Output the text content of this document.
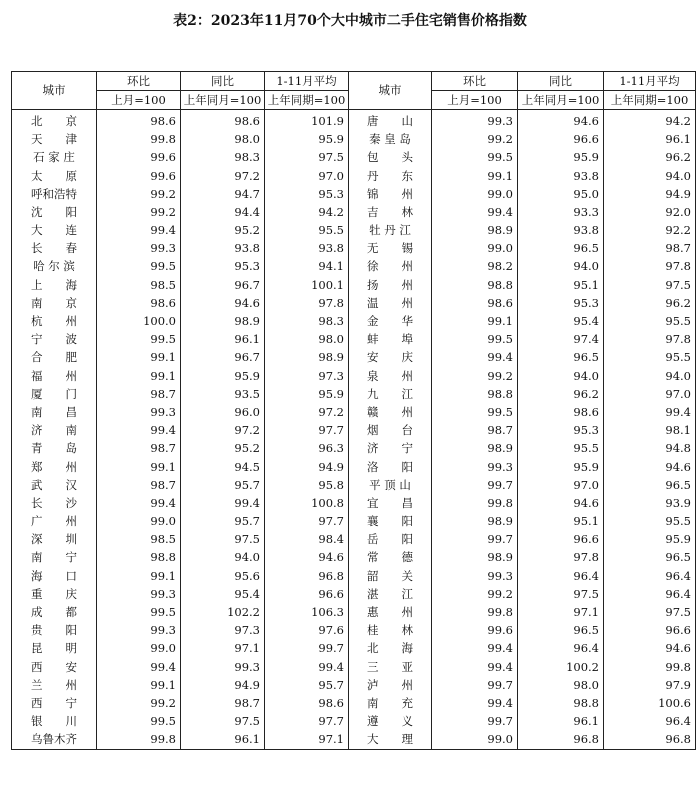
表2：2023年11月70个大中城市二手住宅销售价格指数
城市	环比	同比	1-11月平均	城市	环比	同比	1-11月平均
	上月=100	上年同月=100	上年同期=100		上月=100	上年同月=100	上年同期=100
北　　京	98.6	98.6	101.9	唐　　山	99.3	94.6	94.2
天　　津	99.8	98.0	95.9	秦 皇 岛	99.2	96.6	96.1
石 家 庄	99.6	98.3	97.5	包　　头	99.5	95.9	96.2
太　　原	99.6	97.2	97.0	丹　　东	99.1	93.8	94.0
呼和浩特	99.2	94.7	95.3	锦　　州	99.0	95.0	94.9
沈　　阳	99.2	94.4	94.2	吉　　林	99.4	93.3	92.0
大　　连	99.4	95.2	95.5	牡 丹 江	98.9	93.8	92.2
长　　春	99.3	93.8	93.8	无　　锡	99.0	96.5	98.7
哈 尔 滨	99.5	95.3	94.1	徐　　州	98.2	94.0	97.8
上　　海	98.5	96.7	100.1	扬　　州	98.8	95.1	97.5
南　　京	98.6	94.6	97.8	温　　州	98.6	95.3	96.2
杭　　州	100.0	98.9	98.3	金　　华	99.1	95.4	95.5
宁　　波	99.5	96.1	98.0	蚌　　埠	99.5	97.4	97.8
合　　肥	99.1	96.7	98.9	安　　庆	99.4	96.5	95.5
福　　州	99.1	95.9	97.3	泉　　州	99.2	94.0	94.0
厦　　门	98.7	93.5	95.9	九　　江	98.8	96.2	97.0
南　　昌	99.3	96.0	97.2	赣　　州	99.5	98.6	99.4
济　　南	99.4	97.2	97.7	烟　　台	98.7	95.3	98.1
青　　岛	98.7	95.2	96.3	济　　宁	98.9	95.5	94.8
郑　　州	99.1	94.5	94.9	洛　　阳	99.3	95.9	94.6
武　　汉	98.7	95.7	95.8	平 顶 山	99.7	97.0	96.5
长　　沙	99.4	99.4	100.8	宜　　昌	99.8	94.6	93.9
广　　州	99.0	95.7	97.7	襄　　阳	98.9	95.1	95.5
深　　圳	98.5	97.5	98.4	岳　　阳	99.7	96.6	95.9
南　　宁	98.8	94.0	94.6	常　　德	98.9	97.8	96.5
海　　口	99.1	95.6	96.8	韶　　关	99.3	96.4	96.4
重　　庆	99.3	95.4	96.6	湛　　江	99.2	97.5	96.4
成　　都	99.5	102.2	106.3	惠　　州	99.8	97.1	97.5
贵　　阳	99.3	97.3	97.6	桂　　林	99.6	96.5	96.6
昆　　明	99.0	97.1	99.7	北　　海	99.4	96.4	94.6
西　　安	99.4	99.3	99.4	三　　亚	99.4	100.2	99.8
兰　　州	99.1	94.9	95.7	泸　　州	99.7	98.0	97.9
西　　宁	99.2	98.7	98.6	南　　充	99.4	98.8	100.6
银　　川	99.5	97.5	97.7	遵　　义	99.7	96.1	96.4
乌鲁木齐	99.8	96.1	97.1	大　　理	99.0	96.8	96.8
